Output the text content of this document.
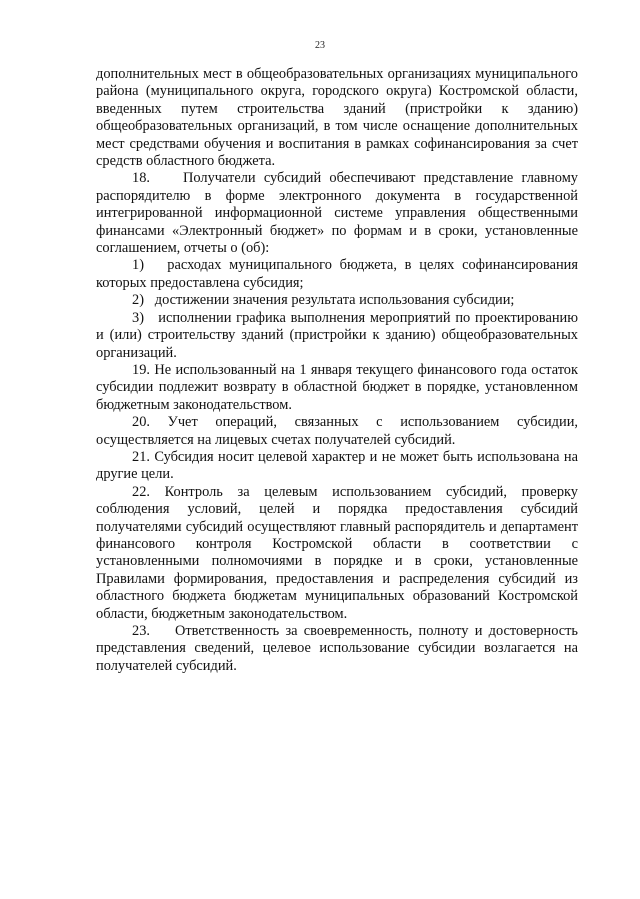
23

дополнительных мест в общеобразовательных организациях муниципального района (муниципального округа, городского округа) Костромской области, введенных путем строительства зданий (пристройки к зданию) общеобразовательных организаций, в том числе оснащение дополнительных мест средствами обучения и воспитания в рамках софинансирования за счет средств областного бюджета.

18.    Получатели субсидий обеспечивают представление главному распорядителю в форме электронного документа в государственной интегрированной информационной системе управления общественными финансами «Электронный бюджет» по формам и в сроки, установленные соглашением, отчеты о (об):

1)   расходах муниципального бюджета, в целях софинансирования которых предоставлена субсидия;

2)   достижении значения результата использования субсидии;

3)   исполнении графика выполнения мероприятий по проектированию и (или) строительству зданий (пристройки к зданию) общеобразовательных организаций.

19. Не использованный на 1 января текущего финансового года остаток субсидии подлежит возврату в областной бюджет в порядке, установленном бюджетным законодательством.

20. Учет операций, связанных с использованием субсидии, осуществляется на лицевых счетах получателей субсидий.

21. Субсидия носит целевой характер и не может быть использована на другие цели.

22. Контроль за целевым использованием субсидий, проверку соблюдения условий, целей и порядка предоставления субсидий получателями субсидий осуществляют главный распорядитель и департамент финансового контроля Костромской области в соответствии с установленными полномочиями в порядке и в сроки, установленные Правилами формирования, предоставления и распределения субсидий из областного бюджета бюджетам муниципальных образований Костромской области, бюджетным законодательством.

23.    Ответственность за своевременность, полноту и достоверность представления сведений, целевое использование субсидии возлагается на получателей субсидий.
